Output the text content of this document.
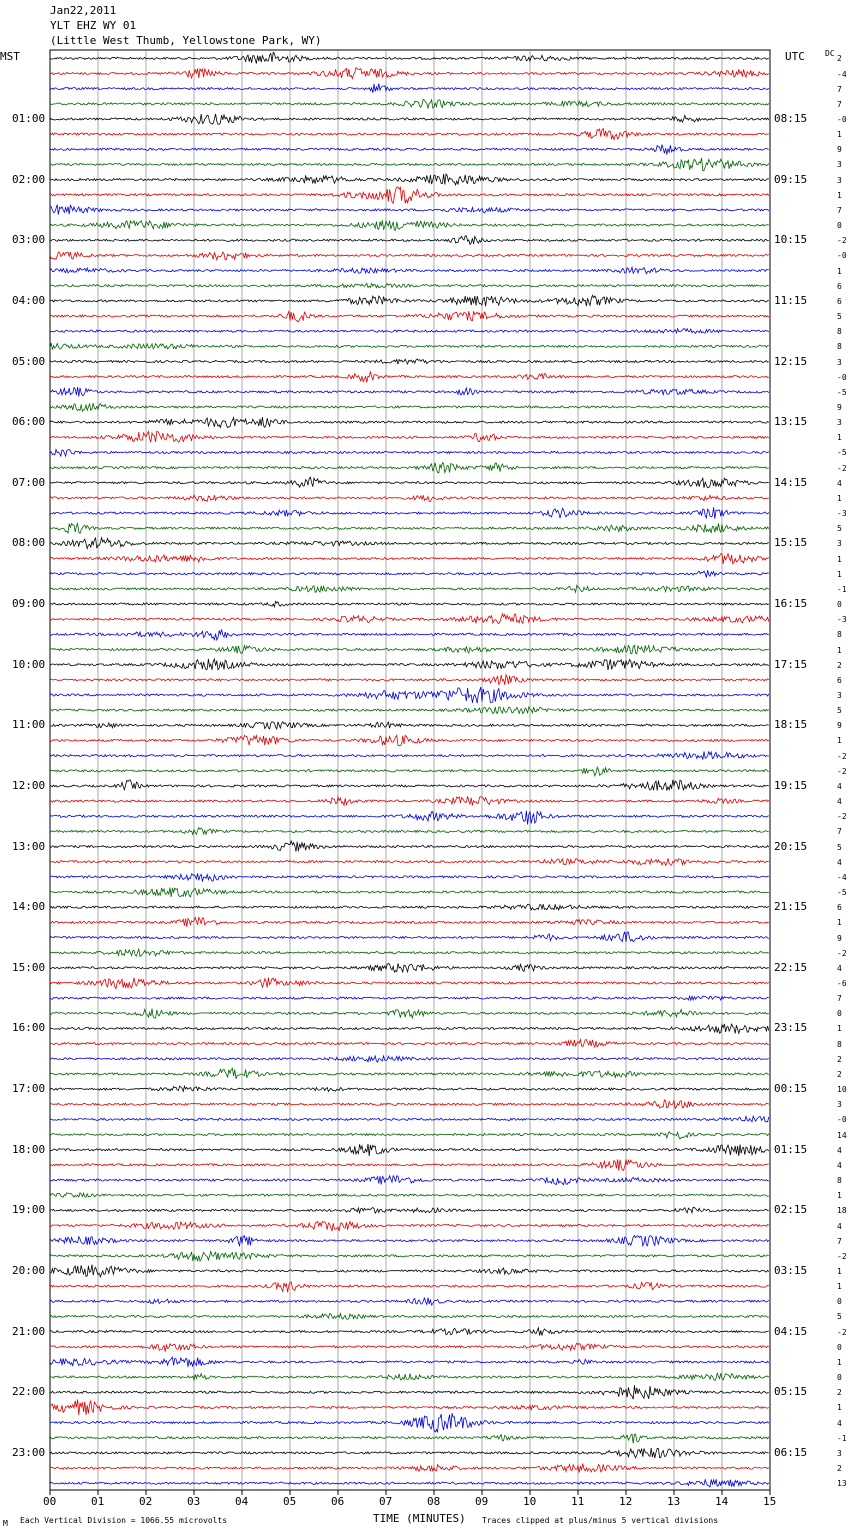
Jan22,2011
YLT EHZ WY 01
(Little West Thumb, Yellowstone Park, WY)
MST	UTC	DC
00	01	02	03	04	05	06	07	08	09	10	11	12	13	14	15
2
-4
7
7
-0
1
9
3
3
1
7
0
-2
-0
1
6
6
5
8
8
3
-0
-5
9
3
1
-5
-2
4
1
-3
5
3
1
1
-1
0
-3
8
1
2
6
3
5
9
1
-2
-2
4
4
-2
7
5
4
-4
-5
6
1
9
-2
4
-6
7
0
1
8
2
2
10
3
-0
14
4
4
8
1
18
4
7
-2
1
1
0
5
-2
0
1
0
2
1
4
-1
3
2
13
01:00
02:00
03:00
04:00
05:00
06:00
07:00
08:00
09:00
10:00
11:00
12:00
13:00
14:00
15:00
16:00
17:00
18:00
19:00
20:00
21:00
22:00
23:00
08:15
09:15
10:15
11:15
12:15
13:15
14:15
15:15
16:15
17:15
18:15
19:15
20:15
21:15
22:15
23:15
00:15
01:15
02:15
03:15
04:15
05:15
06:15
TIME (MINUTES)
M Each Vertical Division = 1066.55 microvolts	Traces clipped at plus/minus 5 vertical divisions
